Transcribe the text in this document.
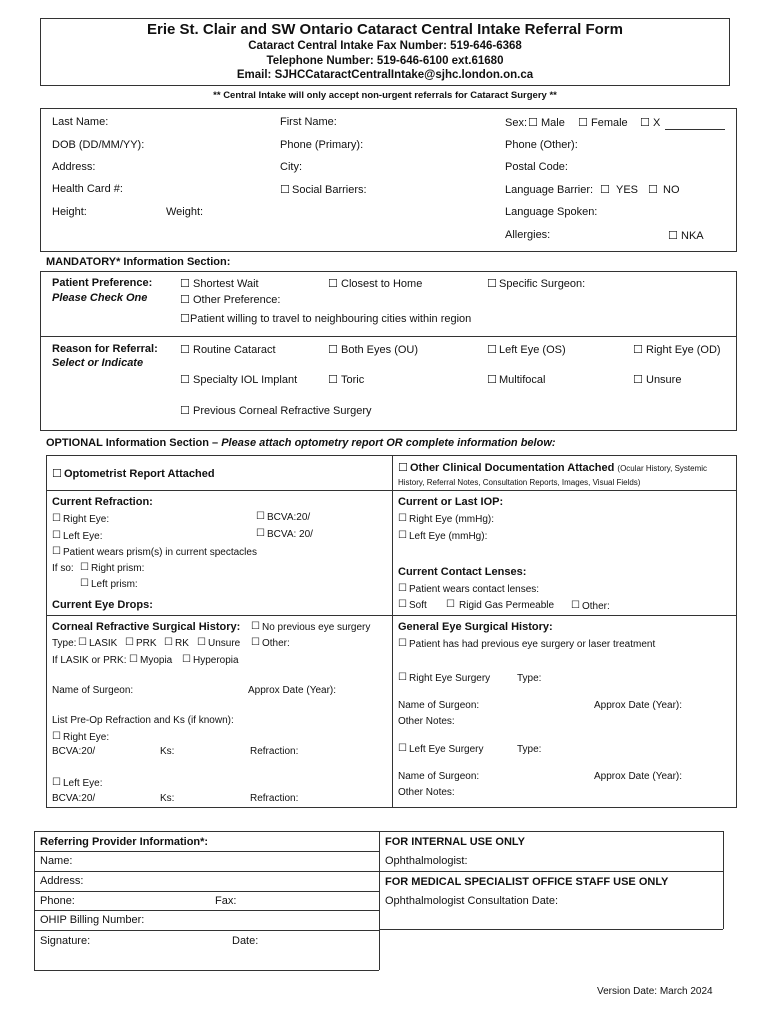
Erie St. Clair and SW Ontario Cataract Central Intake Referral Form
Cataract Central Intake Fax Number: 519-646-6368
Telephone Number: 519-646-6100 ext.61680
Email: SJHCCataractCentralIntake@sjhc.london.on.ca
** Central Intake will only accept non-urgent referrals for Cataract Surgery **
Last Name:	First Name:	Sex: ☐ Male ☐ Female ☐ X
DOB (DD/MM/YY):	Phone (Primary):	Phone (Other):
Address:	City:	Postal Code:
Health Card #: ☐	Social Barriers:	Language Barrier: ☐ YES ☐ NO
Height:	Weight:	Language Spoken:
Allergies: ☐	NKA
MANDATORY* Information Section:
Patient Preference:
Please Check One
☐
Shortest Wait ☐	Closest to Home ☐	Specific Surgeon:
☐
Other Preference:
☐
Patient willing to travel to neighbouring cities within region
Reason for Referral:
Select or Indicate
☐
Routine Cataract ☐	Both Eyes (OU) ☐	Left Eye (OS) ☐	Right Eye (OD)
☐
Specialty IOL Implant ☐	Toric ☐	Multifocal ☐	Unsure
☐
Previous Corneal Refractive Surgery
OPTIONAL Information Section – Please attach optometry report OR complete information below:
☐
Optometrist Report Attached ☐	Other Clinical Documentation Attached (Ocular History, Systemic
History, Referral Notes, Consultation Reports, Images, Visual Fields)
Current Refraction:
☐
Right Eye: ☐	BCVA:20/
☐
Left Eye: ☐	BCVA: 20/
☐
Patient wears prism(s) in current spectacles
If so: ☐ Right prism:
☐
Left prism:
Current Eye Drops:
Current or Last IOP:
☐
Right Eye (mmHg):
☐
Left Eye (mmHg):
Current Contact Lenses:
☐
Patient wears contact lenses:
☐
Soft ☐	Rigid Gas Permeable ☐	Other:
Corneal Refractive Surgical History: ☐ No previous eye surgery
Type: ☐ LASIK ☐ PRK ☐ RK ☐ Unsure ☐ Other:
If LASIK or PRK: ☐ Myopia ☐ Hyperopia
Name of Surgeon:	Approx Date (Year):
List Pre-Op Refraction and Ks (if known):
☐
Right Eye:
BCVA:20/	Ks:	Refraction:
☐
Left Eye:
BCVA:20/	Ks:	Refraction:
General Eye Surgical History:
☐
Patient has had previous eye surgery or laser treatment
☐
Right Eye Surgery	Type:
Name of Surgeon:	Approx Date (Year):
Other Notes:
☐
Left Eye Surgery	Type:
Name of Surgeon:	Approx Date (Year):
Other Notes:
Referring Provider Information*:
Name:
Address:
Phone:	Fax:
OHIP Billing Number:
Signature:	Date:
FOR INTERNAL USE ONLY
Ophthalmologist:
FOR MEDICAL SPECIALIST OFFICE STAFF USE ONLY
Ophthalmologist Consultation Date:
Version Date: March 2024
